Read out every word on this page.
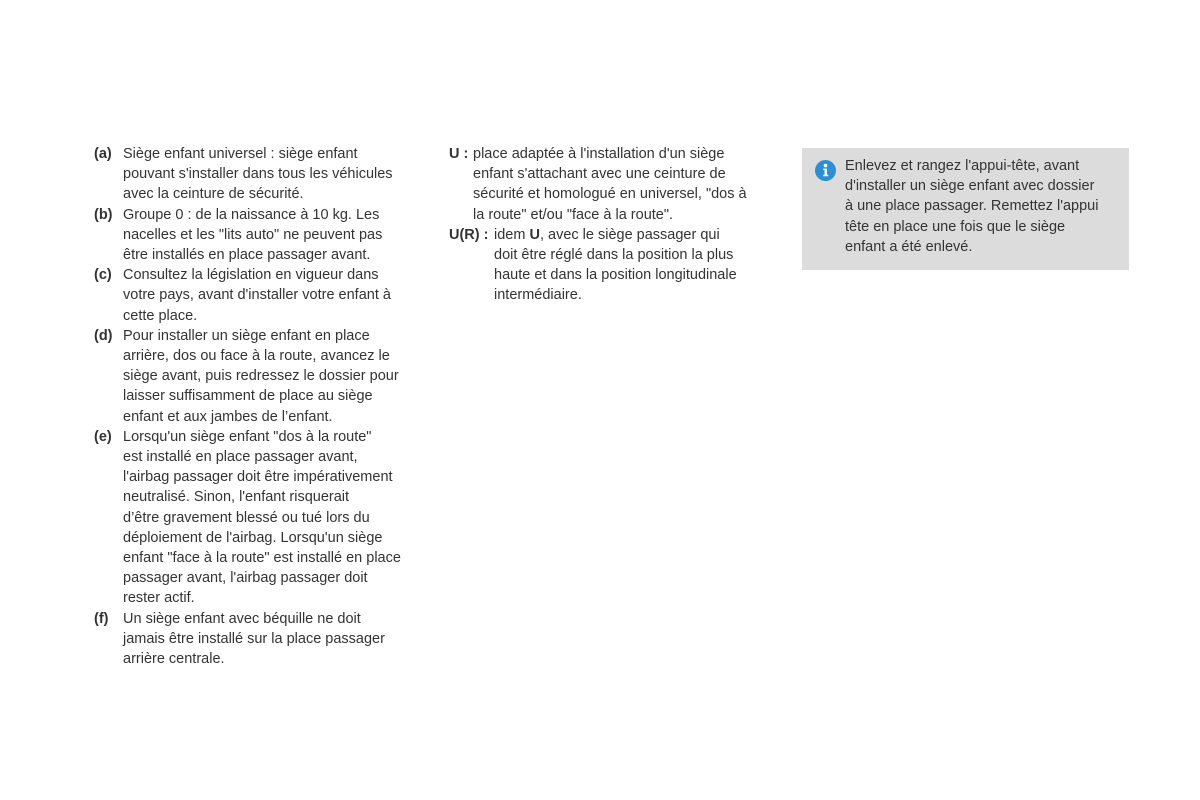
(a) Siège enfant universel : siège enfant
pouvant s'installer dans tous les véhicules
avec la ceinture de sécurité.
(b) Groupe 0 : de la naissance à 10 kg. Les
nacelles et les "lits auto" ne peuvent pas
être installés en place passager avant.
(c) Consultez la législation en vigueur dans
votre pays, avant d'installer votre enfant à
cette place.
(d) Pour installer un siège enfant en place
arrière, dos ou face à la route, avancez le
siège avant, puis redressez le dossier pour
laisser suffisamment de place au siège
enfant et aux jambes de l’enfant.
(e) Lorsqu'un siège enfant "dos à la route"
est installé en place passager avant,
l'airbag passager doit être impérativement
neutralisé. Sinon, l'enfant risquerait
d’être gravement blessé ou tué lors du
déploiement de l'airbag. Lorsqu'un siège
enfant "face à la route" est installé en place
passager avant, l'airbag passager doit
rester actif.
(f)	Un siège enfant avec béquille ne doit
jamais être installé sur la place passager
arrière centrale.
U : place adaptée à l'installation d'un siège
enfant s'attachant avec une ceinture de
sécurité et homologué en universel, "dos à
la route" et/ou "face à la route".
U(R) : idem U, avec le siège passager qui
doit être réglé dans la position la plus
haute et dans la position longitudinale
intermédiaire.
Enlevez et rangez l'appui-tête, avant
d'installer un siège enfant avec dossier
à une place passager. Remettez l'appui
tête en place une fois que le siège
enfant a été enlevé.
